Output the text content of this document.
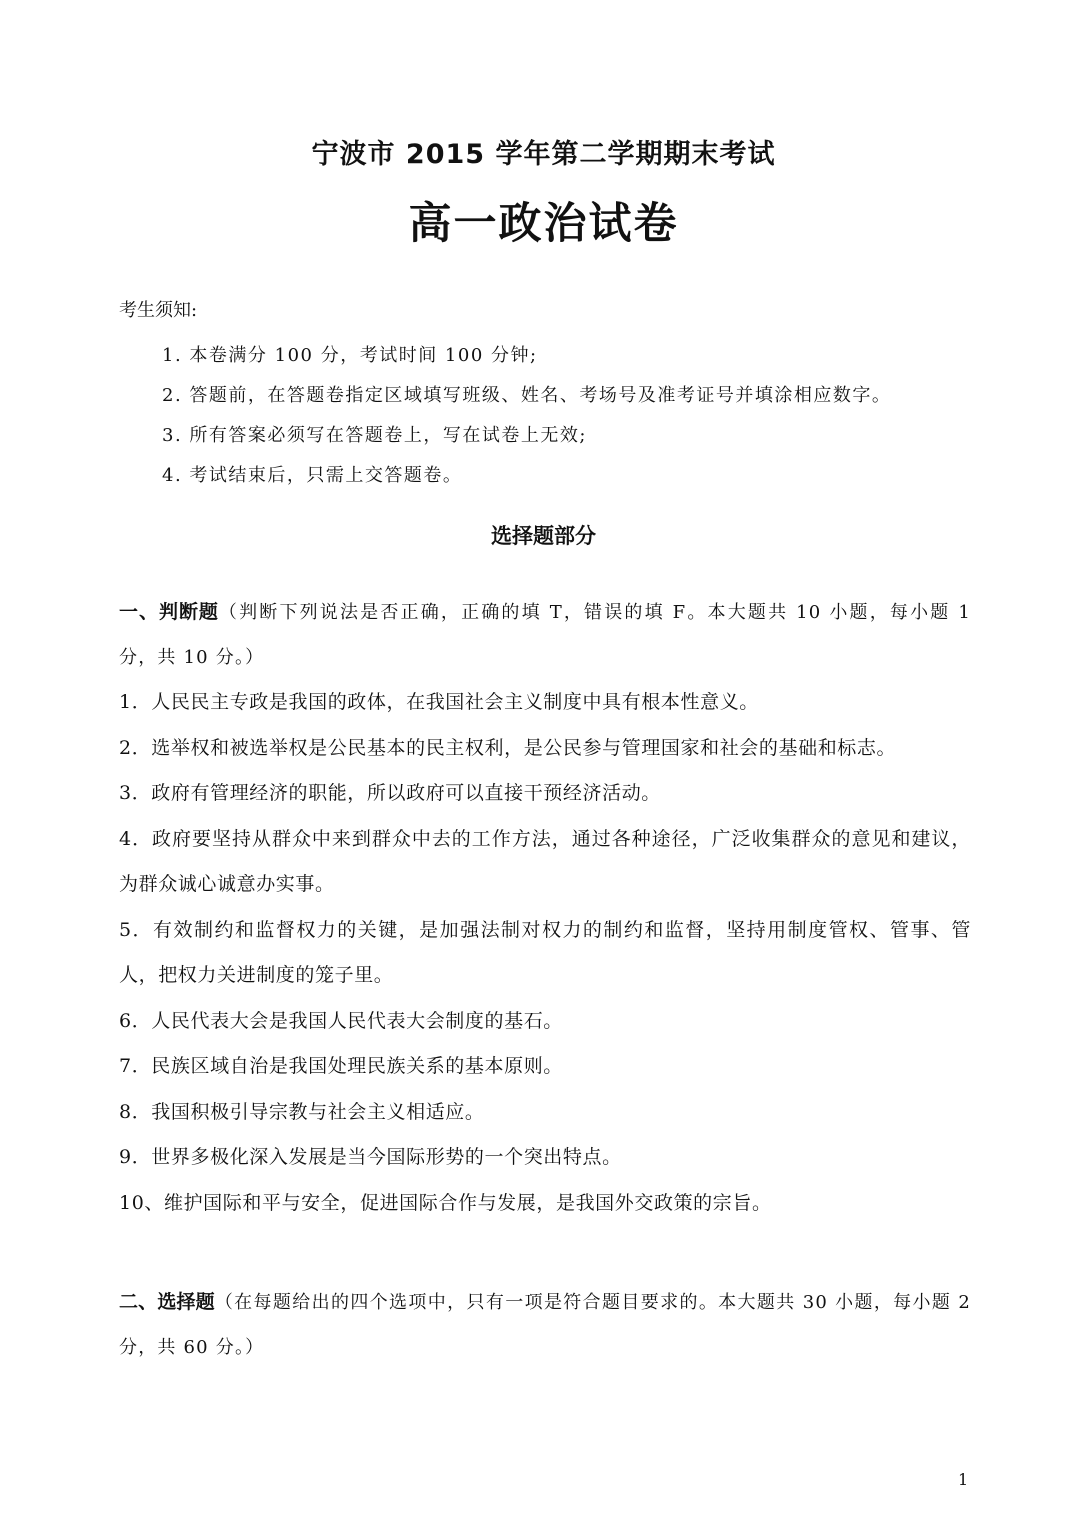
宁波市 2015 学年第二学期期末考试
高一政治试卷
考生须知:
1. 本卷满分 100 分，考试时间 100 分钟;
2. 答题前，在答题卷指定区域填写班级、姓名、考场号及准考证号并填涂相应数字。
3. 所有答案必须写在答题卷上，写在试卷上无效;
4. 考试结束后，只需上交答题卷。
选择题部分

一、判断题（判断下列说法是否正确，正确的填 T，错误的填 F。本大题共 10 小题，每小题 1 分，共 10 分。）

1．人民民主专政是我国的政体，在我国社会主义制度中具有根本性意义。
2．选举权和被选举权是公民基本的民主权利，是公民参与管理国家和社会的基础和标志。
3．政府有管理经济的职能，所以政府可以直接干预经济活动。
4．政府要坚持从群众中来到群众中去的工作方法，通过各种途径，广泛收集群众的意见和建议，为群众诚心诚意办实事。
5．有效制约和监督权力的关键，是加强法制对权力的制约和监督，坚持用制度管权、管事、管人，把权力关进制度的笼子里。
6．人民代表大会是我国人民代表大会制度的基石。
7．民族区域自治是我国处理民族关系的基本原则。
8．我国积极引导宗教与社会主义相适应。
9．世界多极化深入发展是当今国际形势的一个突出特点。
10、维护国际和平与安全，促进国际合作与发展，是我国外交政策的宗旨。

二、选择题（在每题给出的四个选项中，只有一项是符合题目要求的。本大题共 30 小题，每小题 2 分，共 60 分。）

1
